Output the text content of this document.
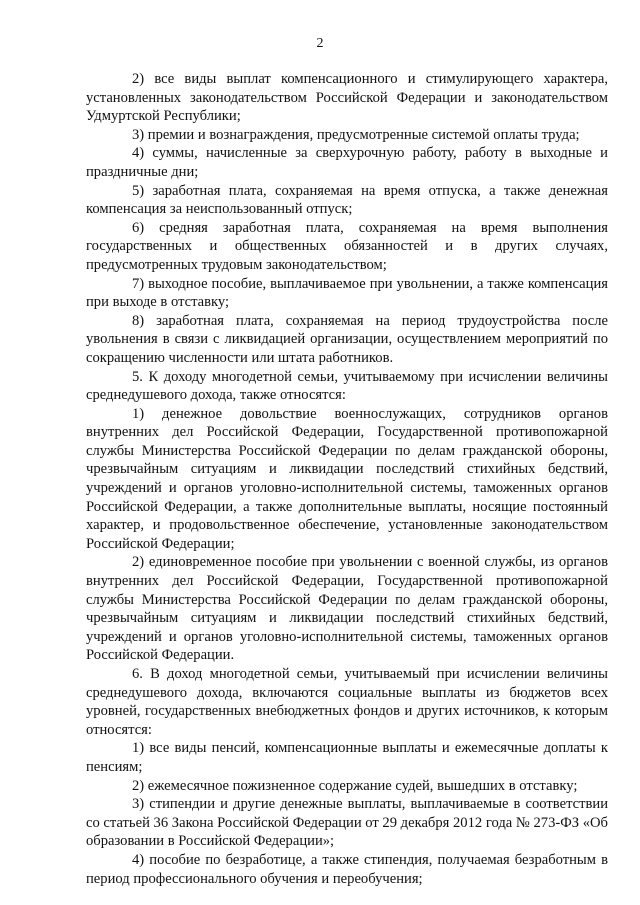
2

2) все виды выплат компенсационного и стимулирующего характера, установленных законодательством Российской Федерации и законодательством Удмуртской Республики;

3) премии и вознаграждения, предусмотренные системой оплаты труда;

4) суммы, начисленные за сверхурочную работу, работу в выходные и праздничные дни;

5) заработная плата, сохраняемая на время отпуска, а также денежная компенсация за неиспользованный отпуск;

6) средняя заработная плата, сохраняемая на время выполнения государственных и общественных обязанностей и в других случаях, предусмотренных трудовым законодательством;

7) выходное пособие, выплачиваемое при увольнении, а также компенсация при выходе в отставку;

8) заработная плата, сохраняемая на период трудоустройства после увольнения в связи с ликвидацией организации, осуществлением мероприятий по сокращению численности или штата работников.

5. К доходу многодетной семьи, учитываемому при исчислении величины среднедушевого дохода, также относятся:

1) денежное довольствие военнослужащих, сотрудников органов внутренних дел Российской Федерации, Государственной противопожарной службы Министерства Российской Федерации по делам гражданской обороны, чрезвычайным ситуациям и ликвидации последствий стихийных бедствий, учреждений и органов уголовно-исполнительной системы, таможенных органов Российской Федерации, а также дополнительные выплаты, носящие постоянный характер, и продовольственное обеспечение, установленные законодательством Российской Федерации;

2) единовременное пособие при увольнении с военной службы, из органов внутренних дел Российской Федерации, Государственной противопожарной службы Министерства Российской Федерации по делам гражданской обороны, чрезвычайным ситуациям и ликвидации последствий стихийных бедствий, учреждений и органов уголовно-исполнительной системы, таможенных органов Российской Федерации.

6. В доход многодетной семьи, учитываемый при исчислении величины среднедушевого дохода, включаются социальные выплаты из бюджетов всех уровней, государственных внебюджетных фондов и других источников, к которым относятся:

1) все виды пенсий, компенсационные выплаты и ежемесячные доплаты к пенсиям;

2) ежемесячное пожизненное содержание судей, вышедших в отставку;

3) стипендии и другие денежные выплаты, выплачиваемые в соответствии со статьей 36 Закона Российской Федерации от 29 декабря 2012 года № 273-ФЗ «Об образовании в Российской Федерации»;

4) пособие по безработице, а также стипендия, получаемая безработным в период профессионального обучения и переобучения;
